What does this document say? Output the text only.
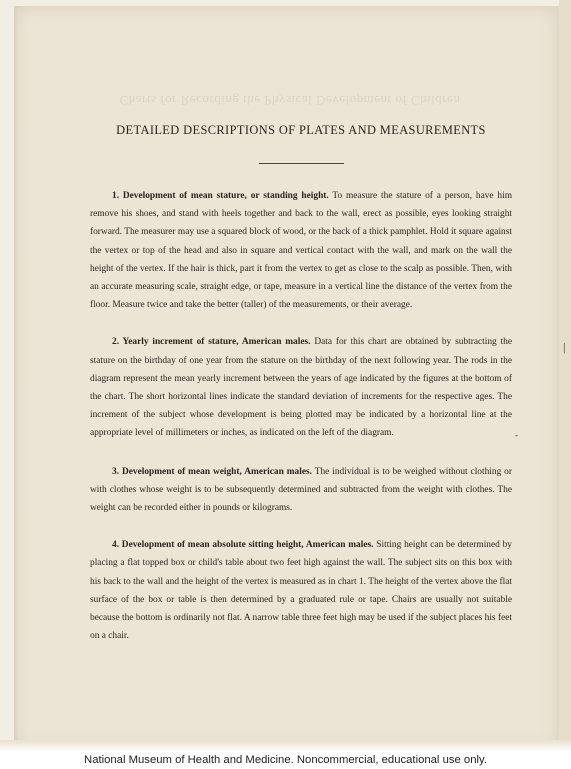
Charts for Recording the Physical Development of Children
DETAILED DESCRIPTIONS OF PLATES AND MEASUREMENTS

1. Development of mean stature, or standing height. To measure the stature of a person, have him remove his shoes, and stand with heels together and back to the wall, erect as possible, eyes looking straight forward. The measurer may use a squared block of wood, or the back of a thick pamphlet. Hold it square against the vertex or top of the head and also in square and vertical contact with the wall, and mark on the wall the height of the vertex. If the hair is thick, part it from the vertex to get as close to the scalp as possible. Then, with an accurate measuring scale, straight edge, or tape, measure in a vertical line the distance of the vertex from the floor. Measure twice and take the better (taller) of the measurements, or their average.

2. Yearly increment of stature, American males. Data for this chart are obtained by subtracting the stature on the birthday of one year from the stature on the birthday of the next following year. The rods in the diagram represent the mean yearly increment between the years of age indicated by the figures at the bottom of the chart. The short horizontal lines indicate the standard deviation of increments for the respective ages. The increment of the subject whose development is being plotted may be indicated by a horizontal line at the appropriate level of millimeters or inches, as indicated on the left of the diagram.

3. Development of mean weight, American males. The individual is to be weighed without clothing or with clothes whose weight is to be subsequently determined and subtracted from the weight with clothes. The weight can be recorded either in pounds or kilograms.

4. Development of mean absolute sitting height, American males. Sitting height can be determined by placing a flat topped box or child's table about two feet high against the wall. The subject sits on this box with his back to the wall and the height of the vertex is measured as in chart 1. The height of the vertex above the flat surface of the box or table is then determined by a graduated rule or tape. Chairs are usually not suitable because the bottom is ordinarily not flat. A narrow table three feet high may be used if the subject places his feet on a chair.

|
-
National Museum of Health and Medicine. Noncommercial, educational use only.
